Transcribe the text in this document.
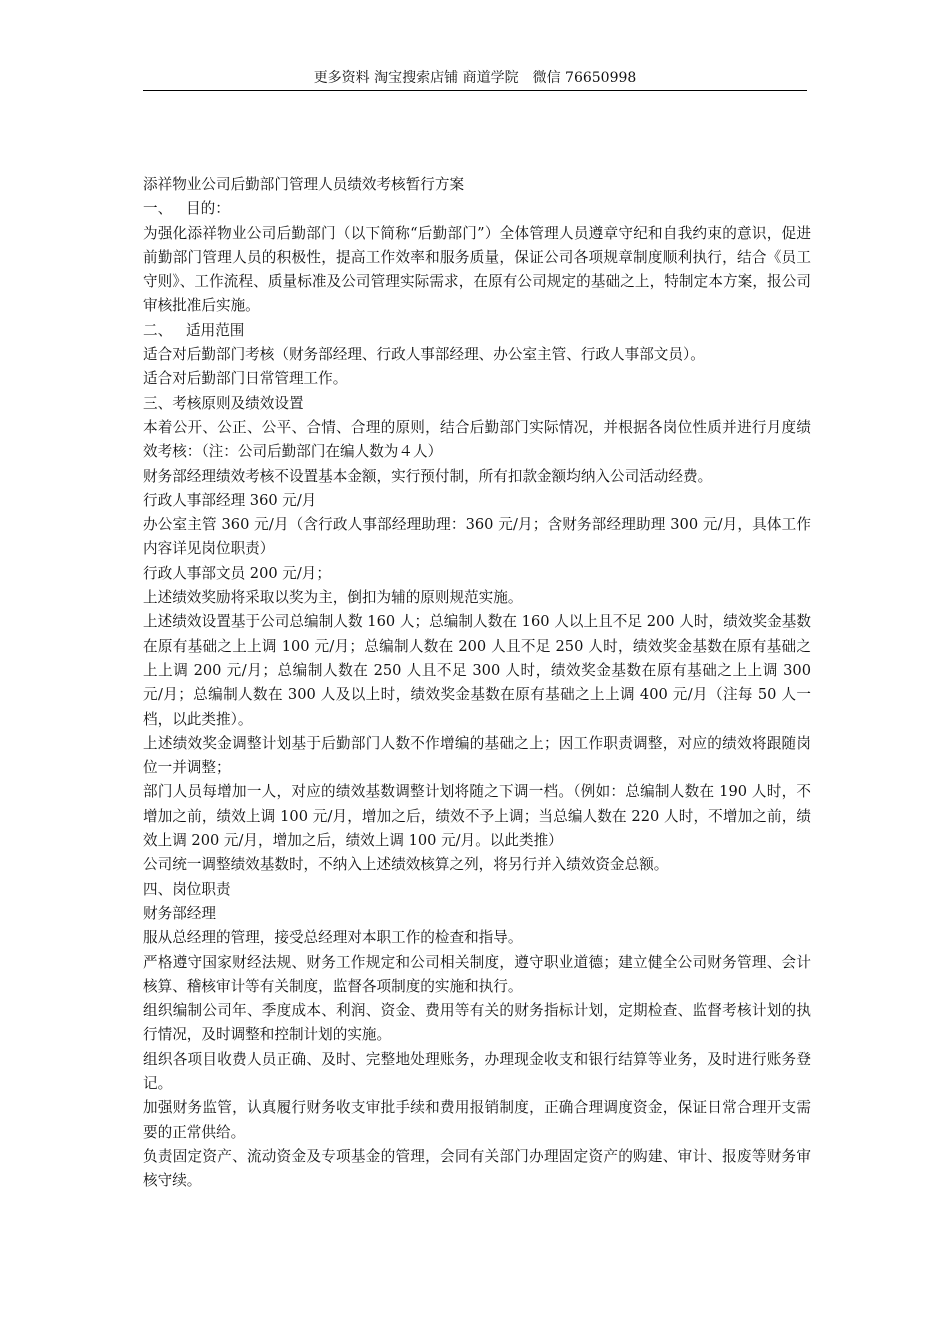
更多资料 淘宝搜索店铺 商道学院　微信 76650998

添祥物业公司后勤部门管理人员绩效考核暂行方案

一、 目的：

为强化添祥物业公司后勤部门（以下简称“后勤部门”）全体管理人员遵章守纪和自我约束的意识，促进前勤部门管理人员的积极性，提高工作效率和服务质量，保证公司各项规章制度顺利执行，结合《员工守则》、工作流程、质量标准及公司管理实际需求，在原有公司规定的基础之上，特制定本方案，报公司审核批准后实施。

二、 适用范围

适合对后勤部门考核（财务部经理、行政人事部经理、办公室主管、行政人事部文员）。

适合对后勤部门日常管理工作。

三、考核原则及绩效设置

本着公开、公正、公平、合情、合理的原则，结合后勤部门实际情况，并根据各岗位性质并进行月度绩效考核：（注：公司后勤部门在编人数为４人）

财务部经理绩效考核不设置基本金额，实行预付制，所有扣款金额均纳入公司活动经费。

行政人事部经理 360 元/月

办公室主管 360 元/月（含行政人事部经理助理：360 元/月；含财务部经理助理 300 元/月，具体工作内容详见岗位职责）

行政人事部文员 200 元/月；

上述绩效奖励将采取以奖为主，倒扣为辅的原则规范实施。

上述绩效设置基于公司总编制人数 160 人；总编制人数在 160 人以上且不足 200 人时，绩效奖金基数在原有基础之上上调 100 元/月；总编制人数在 200 人且不足 250 人时，绩效奖金基数在原有基础之上上调 200 元/月；总编制人数在 250 人且不足 300 人时，绩效奖金基数在原有基础之上上调 300 元/月；总编制人数在 300 人及以上时，绩效奖金基数在原有基础之上上调 400 元/月（注每 50 人一档，以此类推）。

上述绩效奖金调整计划基于后勤部门人数不作增编的基础之上；因工作职责调整，对应的绩效将跟随岗位一并调整；

部门人员每增加一人，对应的绩效基数调整计划将随之下调一档。（例如：总编制人数在 190 人时，不增加之前，绩效上调 100 元/月，增加之后，绩效不予上调；当总编人数在 220 人时，不增加之前，绩效上调 200 元/月，增加之后，绩效上调 100 元/月。以此类推）

公司统一调整绩效基数时，不纳入上述绩效核算之列，将另行并入绩效资金总额。

四、岗位职责

财务部经理

服从总经理的管理，接受总经理对本职工作的检查和指导。

严格遵守国家财经法规、财务工作规定和公司相关制度，遵守职业道德；建立健全公司财务管理、会计核算、稽核审计等有关制度，监督各项制度的实施和执行。

组织编制公司年、季度成本、利润、资金、费用等有关的财务指标计划，定期检查、监督考核计划的执行情况，及时调整和控制计划的实施。

组织各项目收费人员正确、及时、完整地处理账务，办理现金收支和银行结算等业务，及时进行账务登记。

加强财务监管，认真履行财务收支审批手续和费用报销制度，正确合理调度资金，保证日常合理开支需要的正常供给。

负责固定资产、流动资金及专项基金的管理，会同有关部门办理固定资产的购建、审计、报废等财务审核守续。
